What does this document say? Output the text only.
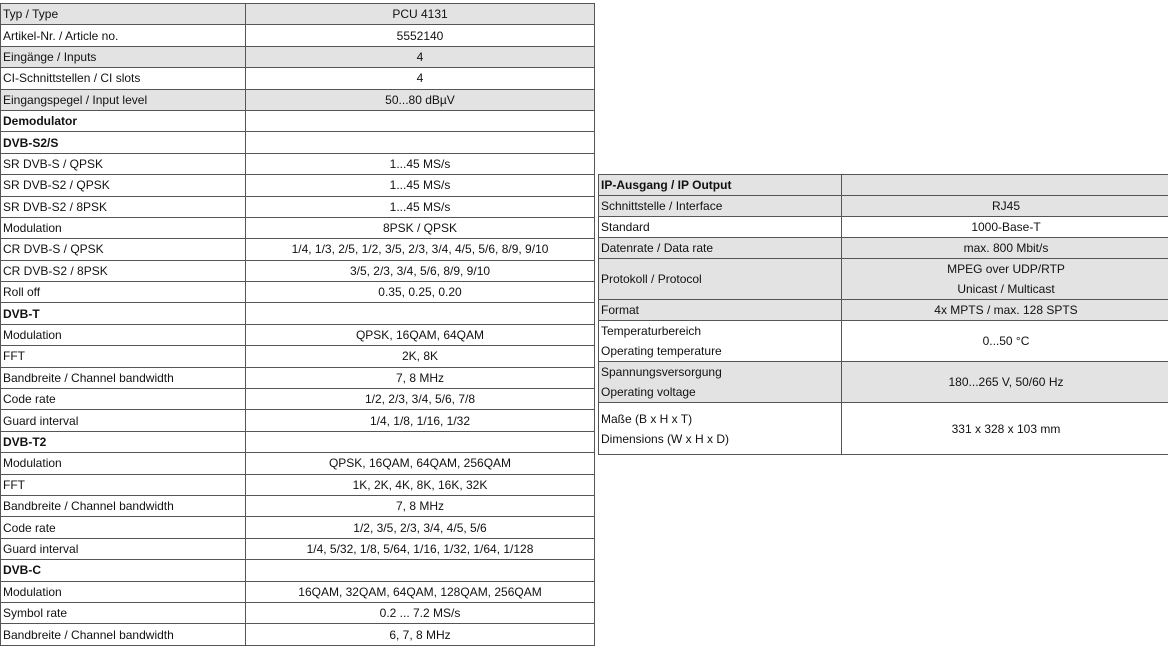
Typ / Type	PCU 4131
Artikel-Nr. / Article no.	5552140
Eingänge / Inputs	4
CI-Schnittstellen / CI slots	4
Eingangspegel / Input level	50...80 dBµV
Demodulator	
DVB-S2/S	
SR DVB-S / QPSK	1...45 MS/s
SR DVB-S2 / QPSK	1...45 MS/s
SR DVB-S2 / 8PSK	1...45 MS/s
Modulation	8PSK / QPSK
CR DVB-S / QPSK	1/4, 1/3, 2/5, 1/2, 3/5, 2/3, 3/4, 4/5, 5/6, 8/9, 9/10
CR DVB-S2 / 8PSK	3/5, 2/3, 3/4, 5/6, 8/9, 9/10
Roll off	0.35, 0.25, 0.20
DVB-T	
Modulation	QPSK, 16QAM, 64QAM
FFT	2K, 8K
Bandbreite / Channel bandwidth	7, 8 MHz
Code rate	1/2, 2/3, 3/4, 5/6, 7/8
Guard interval	1/4, 1/8, 1/16, 1/32
DVB-T2	
Modulation	QPSK, 16QAM, 64QAM, 256QAM
FFT	1K, 2K, 4K, 8K, 16K, 32K
Bandbreite / Channel bandwidth	7, 8 MHz
Code rate	1/2, 3/5, 2/3, 3/4, 4/5, 5/6
Guard interval	1/4, 5/32, 1/8, 5/64, 1/16, 1/32, 1/64, 1/128
DVB-C	
Modulation	16QAM, 32QAM, 64QAM, 128QAM, 256QAM
Symbol rate	0.2 ... 7.2 MS/s
Bandbreite / Channel bandwidth	6, 7, 8 MHz
IP-Ausgang / IP Output	
Schnittstelle / Interface	RJ45
Standard	1000-Base-T
Datenrate / Data rate	max. 800 Mbit/s
Protokoll / Protocol	MPEG over UDP/RTP
Unicast / Multicast

Format	4x MPTS / max. 128 SPTS

Temperaturbereich
Operating temperature	0...50 °C

Spannungsversorgung
Operating voltage	180...265 V, 50/60 Hz

Maße (B x H x T)
Dimensions (W x H x D)	331 x 328 x 103 mm
